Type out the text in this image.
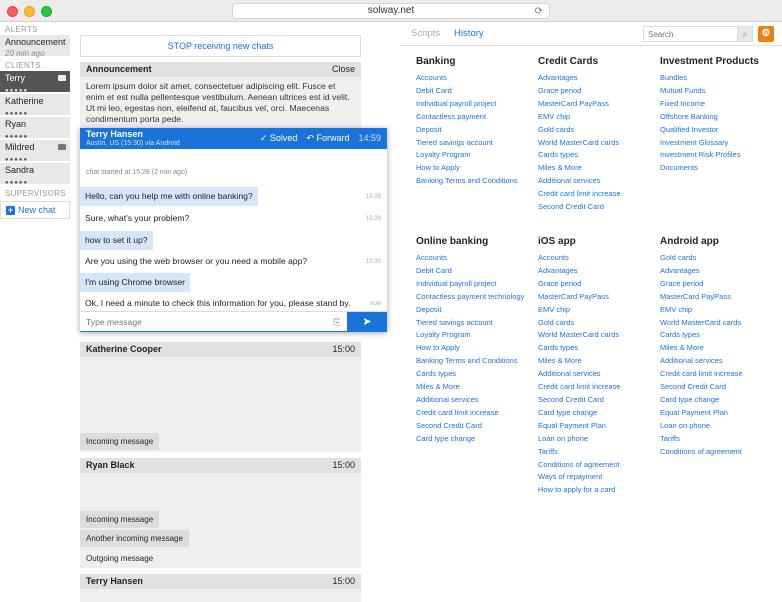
solway.net	⟳
ALERTS
Announcement
20 min ago
CLIENTS
Terry
●●●●●
Katherine
●●●●●
Ryan
●●●●●
Mildred
●●●●●
Sandra
●●●●●
SUPERVISORS
+ New chat
STOP receiving new chats
Announcement	Close
Lorem ipsum dolor sit amet, consectetuer adipiscing elit. Fusce et enim et est nulla pellentesque vestibulum. Aenean ultrices est id velit. Ut mi leo, egestas non, eleifend at, faucibus vel, orci. Maecenas condimentum porta pede.
Terry Hansen
Austin, US (15:30) via Android
✓ Solved ↶ Forward 14:59
chat started at 15:28 (2 min ago)
Hello, can you help me with online banking?	15:28
Sure, what's your problem?	15:29
how to set it up?
Are you using the web browser or you need a mobile app?	15:30
I'm using Chrome browser
Ok, I need a minute to check this information for you, please stand by.	now
Type message
⎘	➤
Katherine Cooper	15:00
Incoming message
Ryan Black	15:00
Incoming message
Another incoming message
Outgoing message
Terry Hansen	15:00
Scripts History
Search	⌕	⚙
Banking
Accounts
Debit Card
Individual payroll project
Contactless payment
Deposit
Tiered savings account
Loyalty Program
How to Apply
Banking Terms and Conditions
Credit Cards
Advantages
Grace period
MasterCard PayPass
EMV chip
Gold cards
World MasterCard cards
Cards types
Miles & More
Additional services
Credit card limit increase
Second Credit Card
Investment Products
Bundles
Mutual Funds
Fixed Income
Offshore Banking
Qualified Investor
Investment Glossary
Investment Risk Profiles
Documents
Online banking
Accounts
Debit Card
Individual payroll project
Contactless payment technology
Deposit
Tiered savings account
Loyalty Program
How to Apply
Banking Terms and Conditions
Cards types
Miles & More
Additional services
Credit card limit increase
Second Credit Card
Card type change
iOS app
Accounts
Advantages
Grace period
MasterCard PayPass
EMV chip
Gold cards
World MasterCard cards
Cards types
Miles & More
Additional services
Credit card limit increase
Second Credit Card
Card type change
Equal Payment Plan
Loan on phone
Tariffs
Conditions of agreement
Ways of repayment
How to apply for a card
Android app
Gold cards
Advantages
Grace period
MasterCard PayPass
EMV chip
World MasterCard cards
Cards types
Miles & More
Additional services
Credit card limit increase
Second Credit Card
Card type change
Equal Payment Plan
Loan on phone
Tariffs
Conditions of agreement
